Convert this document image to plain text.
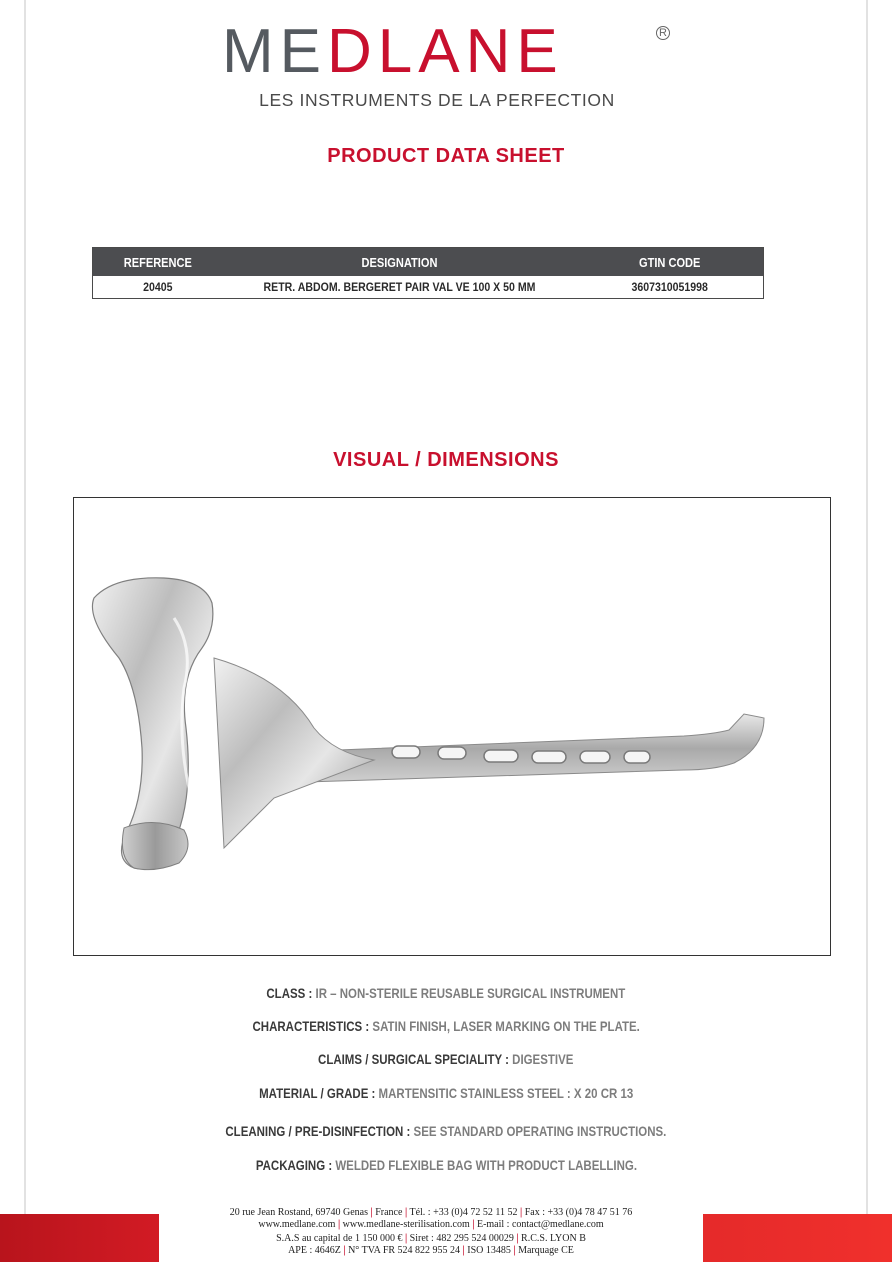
MEDLANE	R
LES INSTRUMENTS DE LA PERFECTION
PRODUCT DATA SHEET
REFERENCE	DESIGNATION	GTIN CODE
20405	RETR. ABDOM. BERGERET PAIR VAL VE 100 X 50 MM	3607310051998
VISUAL / DIMENSIONS
CLASS : IR – NON-STERILE REUSABLE SURGICAL INSTRUMENT
CHARACTERISTICS : SATIN FINISH, LASER MARKING ON THE PLATE.
CLAIMS / SURGICAL SPECIALITY : DIGESTIVE
MATERIAL / GRADE : MARTENSITIC STAINLESS STEEL : X 20 CR 13
CLEANING / PRE-DISINFECTION : SEE STANDARD OPERATING INSTRUCTIONS.
PACKAGING : WELDED FLEXIBLE BAG WITH PRODUCT LABELLING.
20 rue Jean Rostand, 69740 Genas | France | Tél. : +33 (0)4 72 52 11 52 | Fax : +33 (0)4 78 47 51 76
www.medlane.com | www.medlane-sterilisation.com | E-mail : contact@medlane.com
S.A.S au capital de 1 150 000 € | Siret : 482 295 524 00029 | R.C.S. LYON B
APE : 4646Z | N° TVA FR 524 822 955 24 | ISO 13485 | Marquage CE
